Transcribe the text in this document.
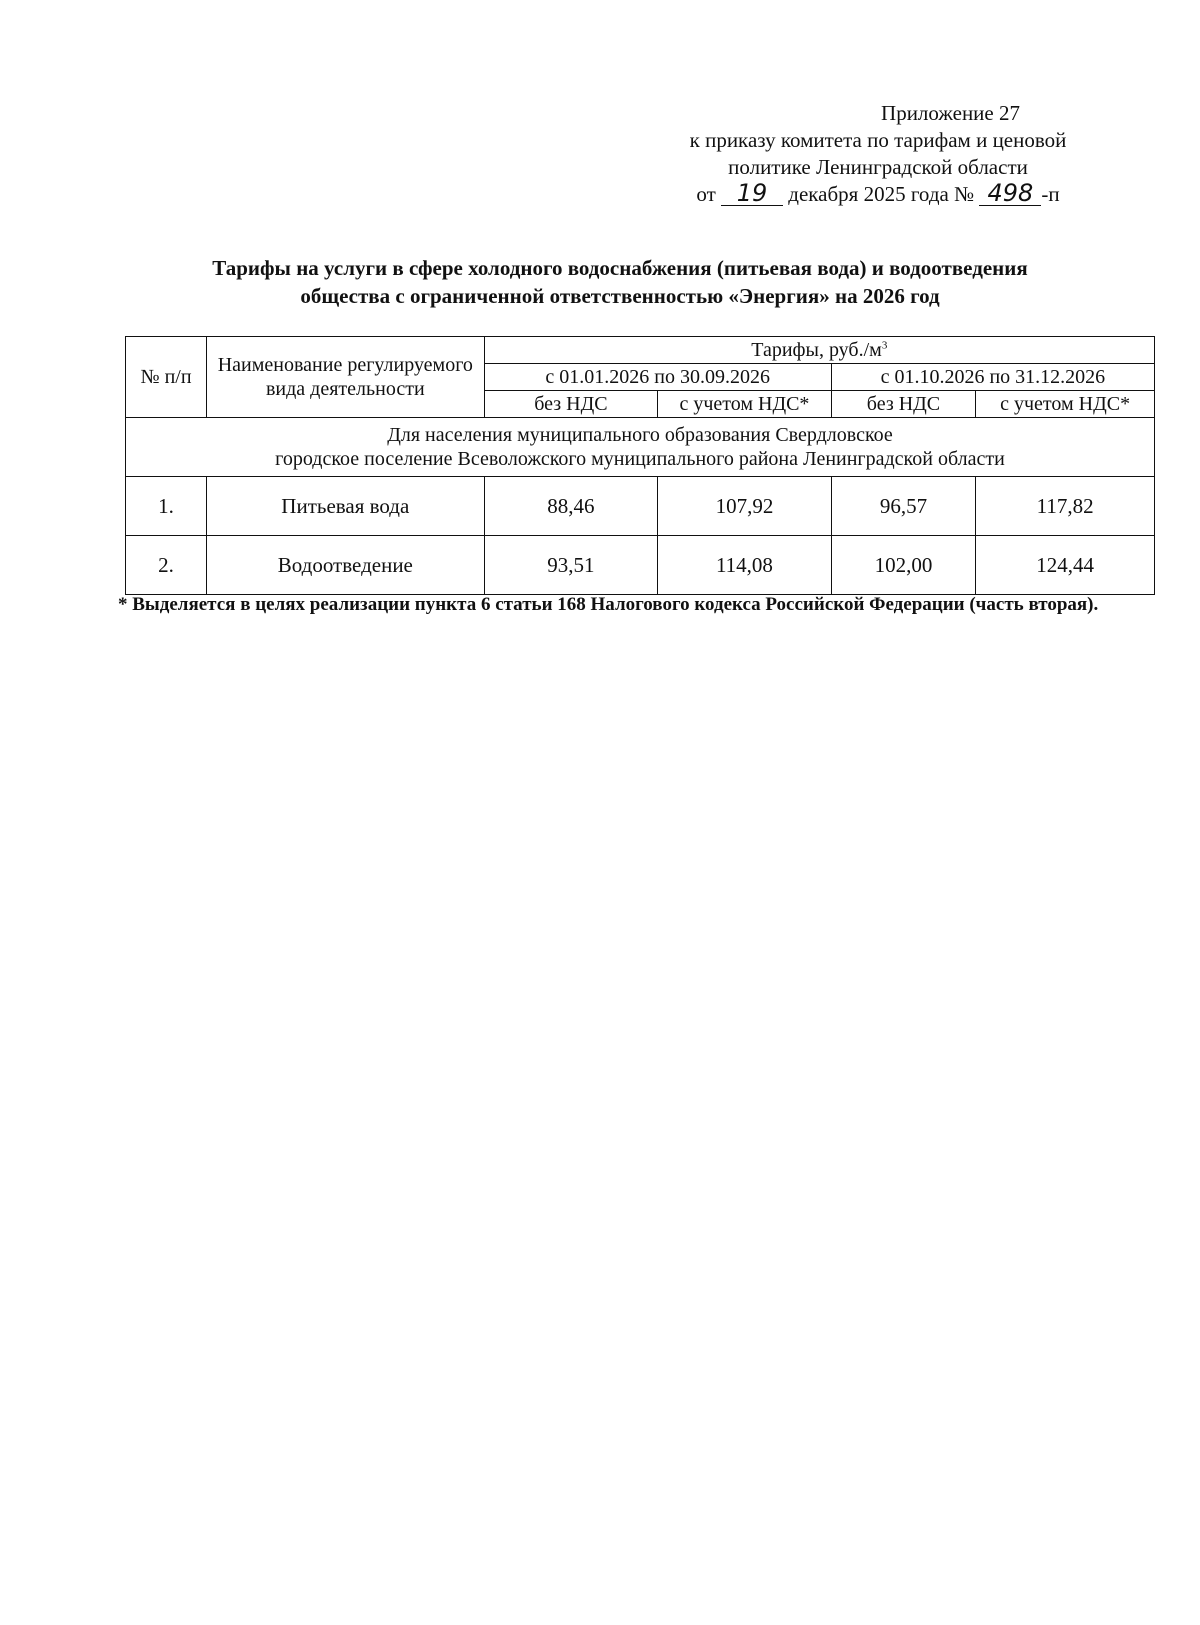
Приложение 27
к приказу комитета по тарифам и ценовой
политике Ленинградской области
от 19 декабря 2025 года № 498 -п
Тарифы на услуги в сфере холодного водоснабжения (питьевая вода) и водоотведения
общества с ограниченной ответственностью «Энергия» на 2026 год
№ п/п	Наименование регулируемого вида деятельности	Тарифы, $руб./м^3$
		с 01.01.2026 по 30.09.2026		с 01.10.2026 по 31.12.2026	
		без НДС	с учетом НДС*	без НДС	с учетом НДС*

Для населения муниципального образования Свердловское
городское поселение Всеволожского муниципального района Ленинградской области					

1.	Питьевая вода	88,46	107,92	96,57	117,82
2.	Водоотведение	93,51	114,08	102,00	124,44
* Выделяется в целях реализации пункта 6 статьи 168 Налогового кодекса Российской Федерации (часть вторая).
